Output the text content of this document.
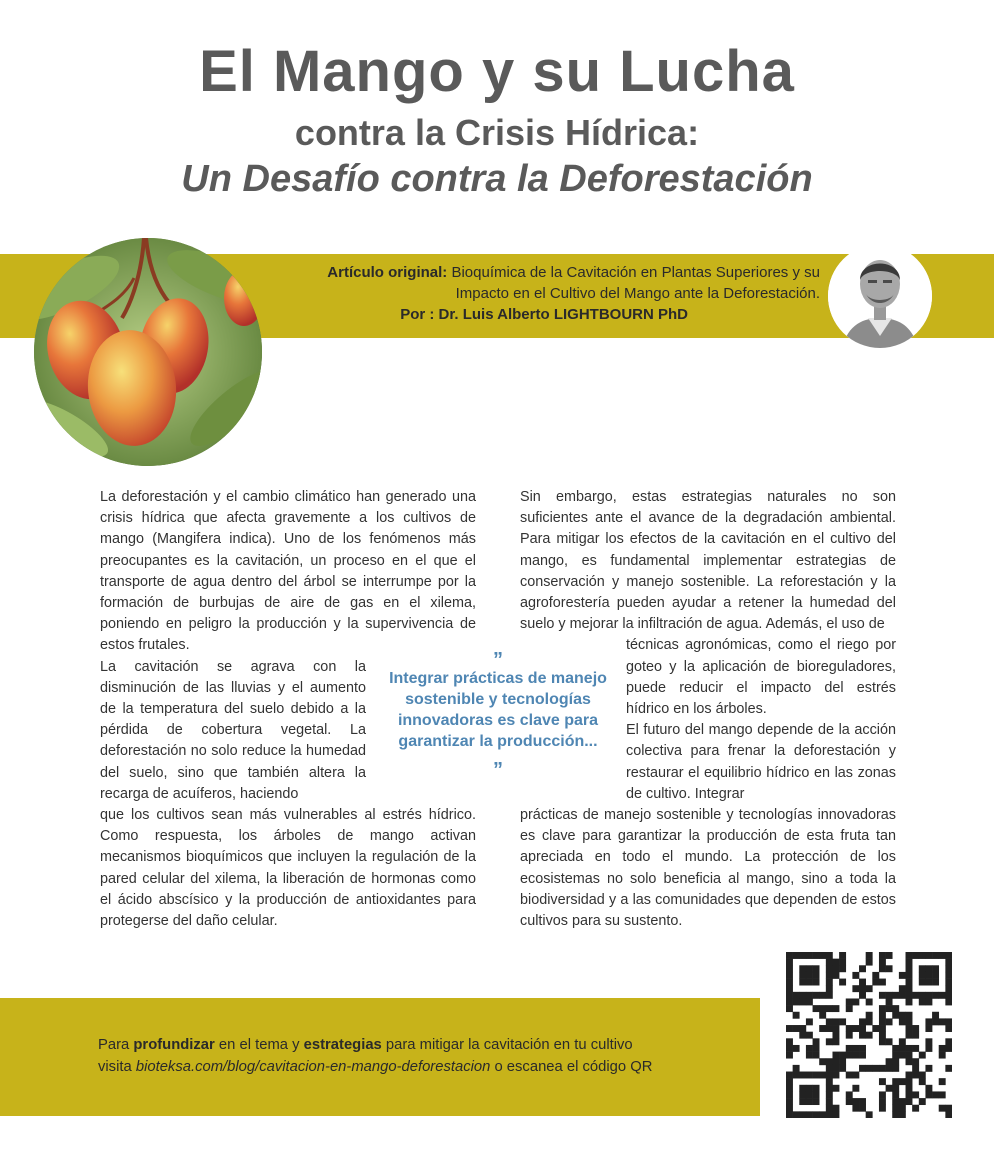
El Mango y su Lucha
contra la Crisis Hídrica:
Un Desafío contra la Deforestación
Artículo original: Bioquímica de la Cavitación en Plantas Superiores y su
Impacto en el Cultivo del Mango ante la Deforestación.
Por : Dr. Luis Alberto LIGHTBOURN PhD

La deforestación y el cambio climático han generado una crisis hídrica que afecta gravemente a los cultivos de mango (Mangifera indica). Uno de los fenómenos más preocupantes es la cavitación, un proceso en el que el transporte de agua dentro del árbol se interrumpe por la formación de burbujas de aire de gas en el xilema, poniendo en peligro la producción y la supervivencia de estos frutales.

La cavitación se agrava con la disminución de las lluvias y el aumento de la temperatura del suelo debido a la pérdida de cobertura vegetal. La deforestación no solo reduce la humedad del suelo, sino que también altera la recarga de acuíferos, haciendo

que los cultivos sean más vulnerables al estrés hídrico. Como respuesta, los árboles de mango activan mecanismos bioquímicos que incluyen la regulación de la pared celular del xilema, la liberación de hormonas como el ácido abscísico y la producción de antioxidantes para protegerse del daño celular.

”
Integrar prácticas de manejo sostenible y tecnologías innovadoras es clave para garantizar la producción...
”

Sin embargo, estas estrategias naturales no son suficientes ante el avance de la degradación ambiental. Para mitigar los efectos de la cavitación en el cultivo del mango, es fundamental implementar estrategias de conservación y manejo sostenible. La reforestación y la agroforestería pueden ayudar a retener la humedad del suelo y mejorar la infiltración de agua. Además, el uso de

técnicas agronómicas, como el riego por goteo y la aplicación de bioreguladores, puede reducir el impacto del estrés hídrico en los árboles.

El futuro del mango depende de la acción colectiva para frenar la deforestación y restaurar el equilibrio hídrico en las zonas de cultivo. Integrar

prácticas de manejo sostenible y tecnologías innovadoras es clave para garantizar la producción de esta fruta tan apreciada en todo el mundo. La protección de los ecosistemas no solo beneficia al mango, sino a toda la biodiversidad y a las comunidades que dependen de estos cultivos para su sustento.

Para profundizar en el tema y estrategias para mitigar la cavitación en tu cultivo
visita bioteksa.com/blog/cavitacion-en-mango-deforestacion o escanea el código QR
